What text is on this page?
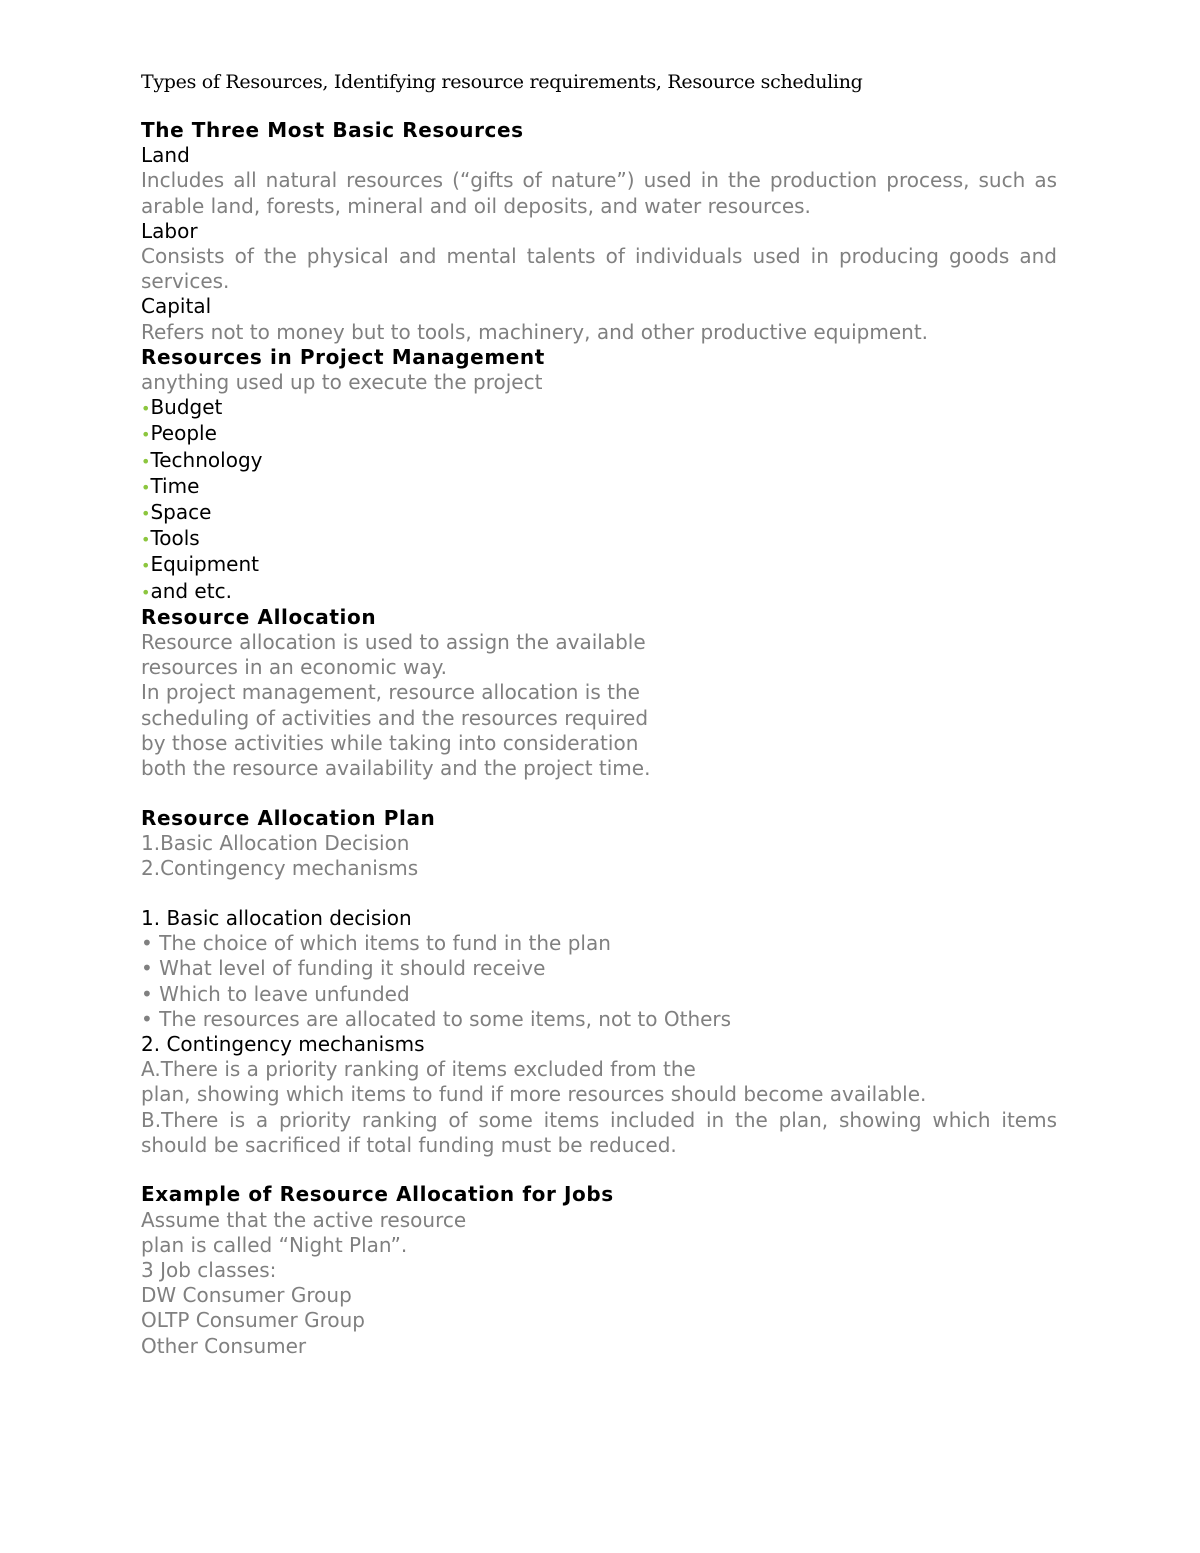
Types of Resources, Identifying resource requirements, Resource scheduling
The Three Most Basic Resources
Land
Includes all natural resources (“gifts of nature”) used in the production process, such as arable land, forests, mineral and oil deposits, and water resources.
Labor
Consists of the physical and mental talents of individuals used in producing goods and services.
Capital
Refers not to money but to tools, machinery, and other productive equipment.
Resources in Project Management
anything used up to execute the project
•Budget
•People
•Technology
•Time
•Space
•Tools
•Equipment
•and etc.
Resource Allocation
Resource allocation is used to assign the available
resources in an economic way.
In project management, resource allocation is the
scheduling of activities and the resources required
by those activities while taking into consideration
both the resource availability and the project time.
Resource Allocation Plan
1.Basic Allocation Decision
2.Contingency mechanisms
1. Basic allocation decision
• The choice of which items to fund in the plan
• What level of funding it should receive
• Which to leave unfunded
• The resources are allocated to some items, not to Others
2. Contingency mechanisms
A.There is a priority ranking of items excluded from the
plan, showing which items to fund if more resources should become available.
B.There is a priority ranking of some items included in the plan, showing which items should be sacrificed if total funding must be reduced.
Example of Resource Allocation for Jobs
Assume that the active resource
plan is called “Night Plan”.
3 Job classes:
DW Consumer Group
OLTP Consumer Group
Other Consumer
